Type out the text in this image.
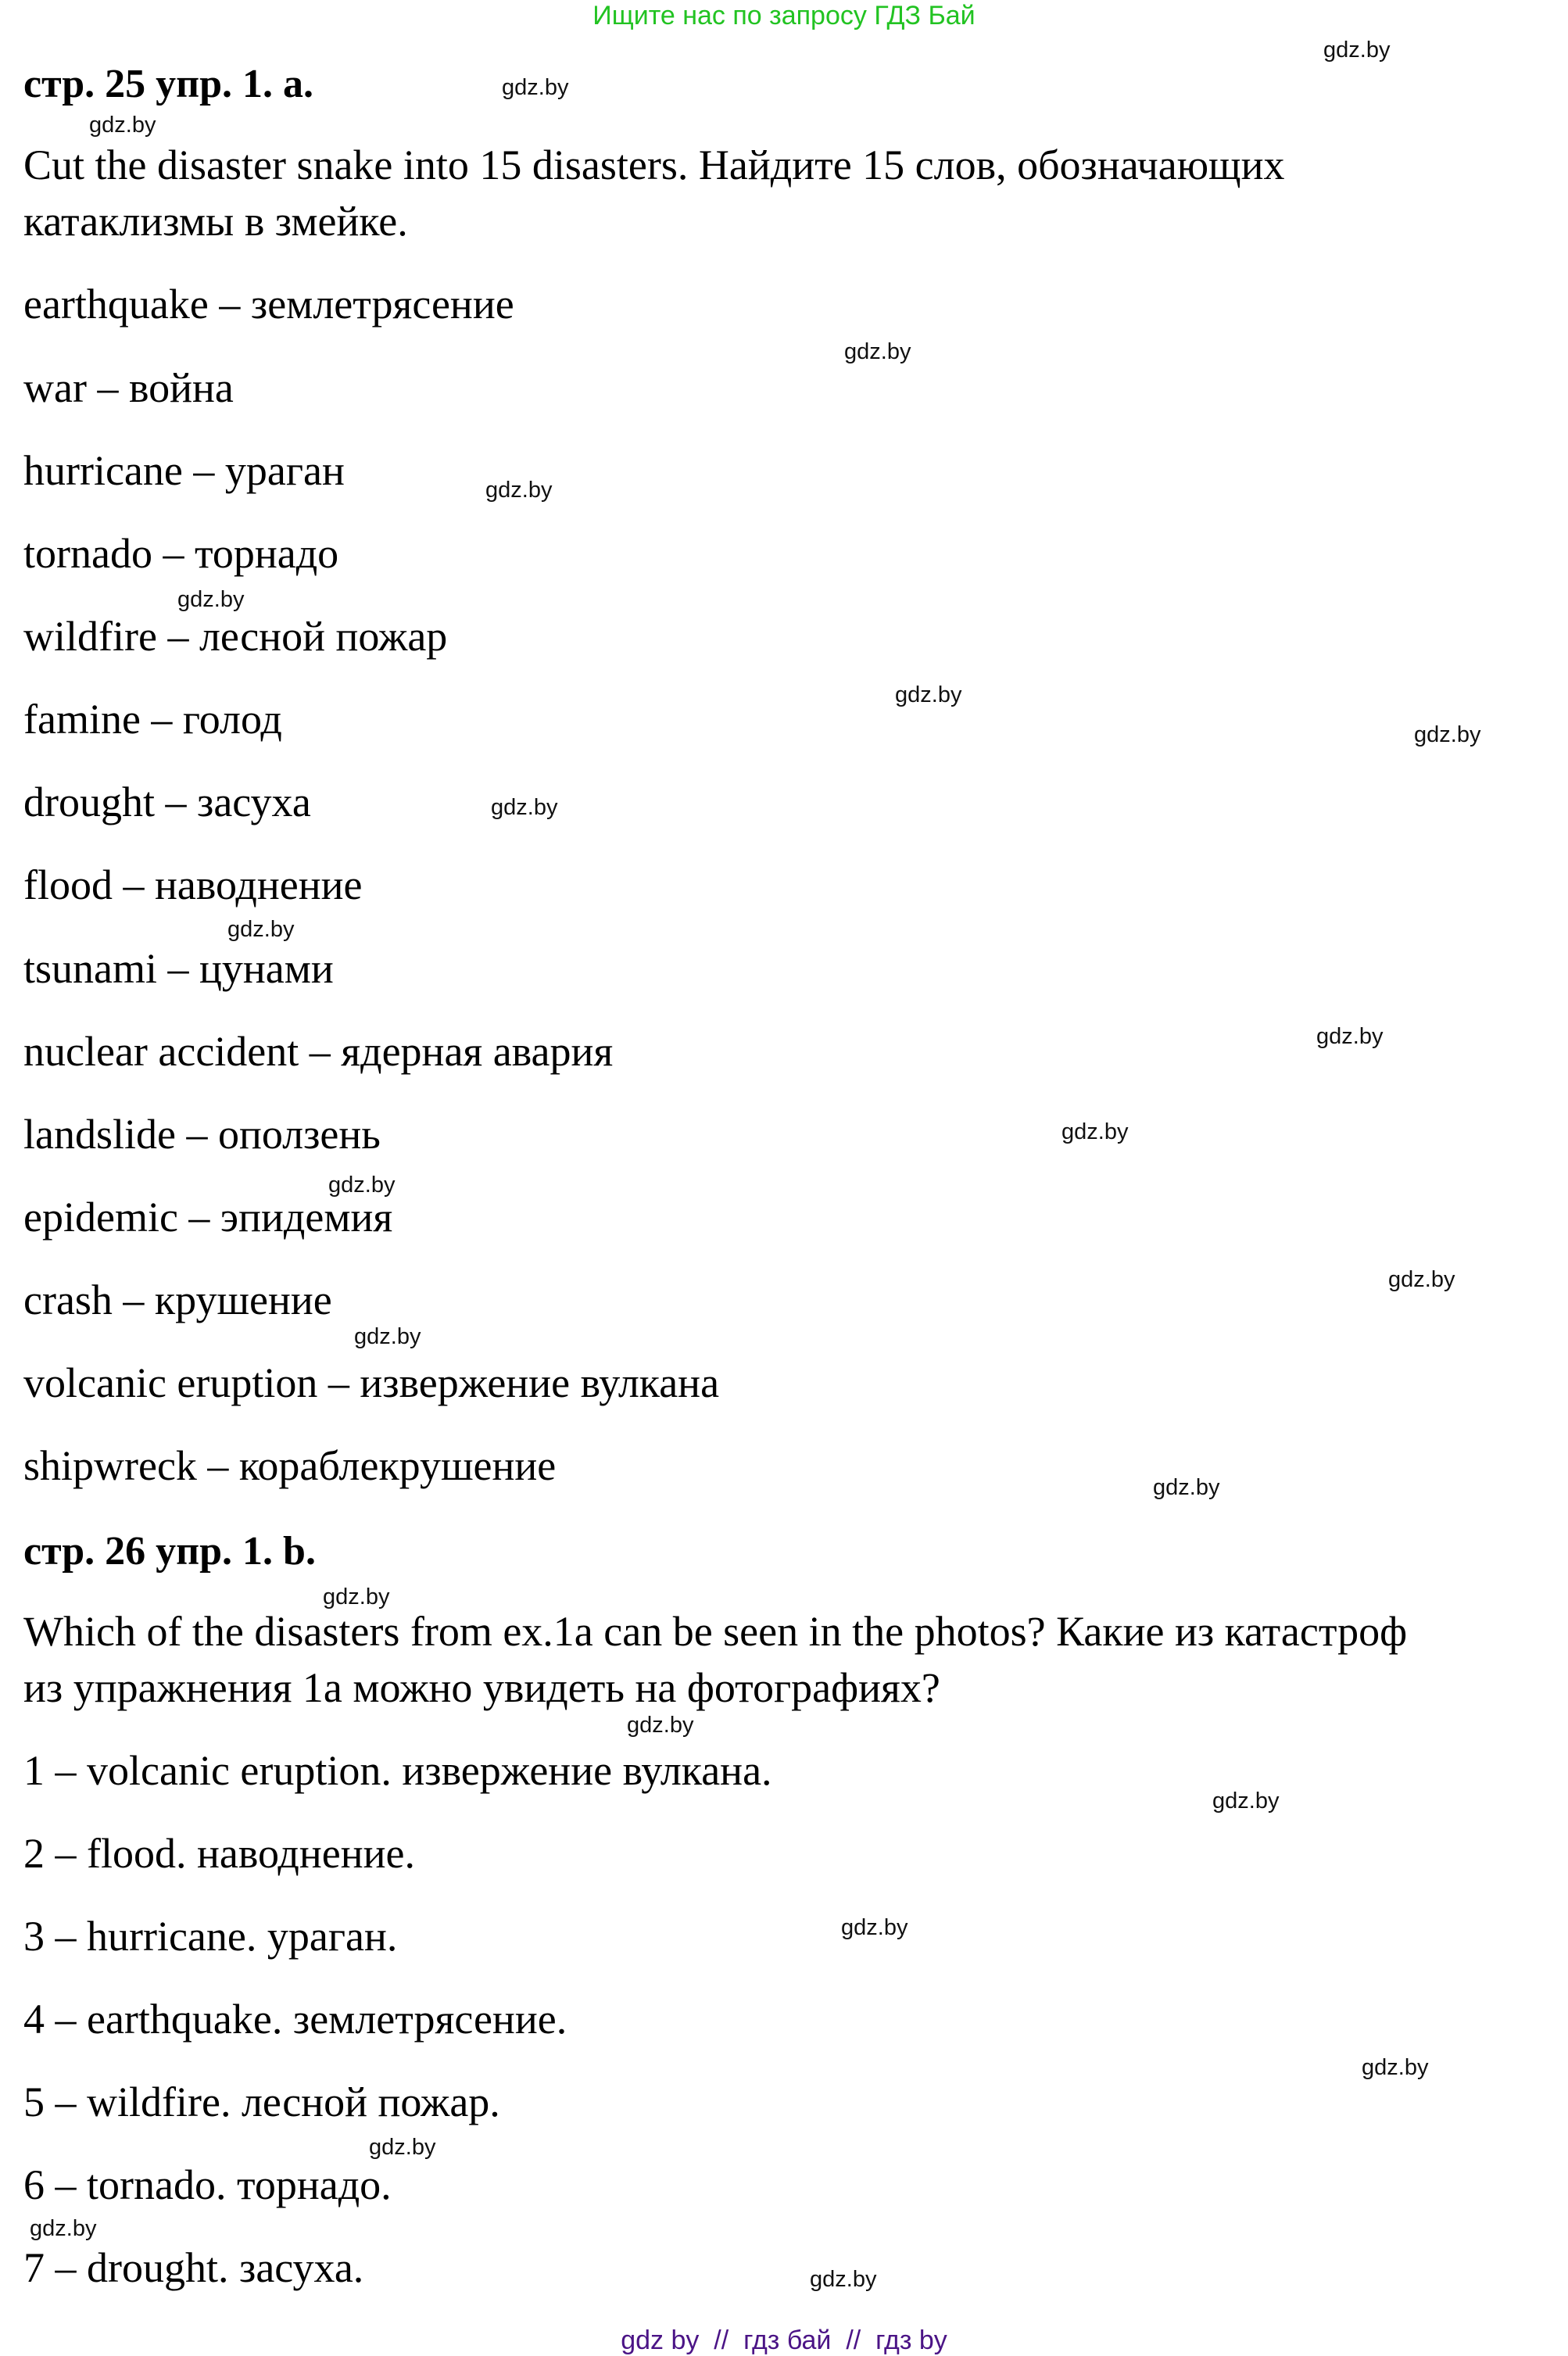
Ищите нас по запросу ГДЗ Бай
стр. 25 упр. 1. a.
Cut the disaster snake into 15 disasters. Найдите 15 слов, обозначающих
катаклизмы в змейке.
earthquake – землетрясение
war – война
hurricane – ураган
tornado – торнадо
wildfire – лесной пожар
famine – голод
drought – засуха
flood – наводнение
tsunami – цунами
nuclear accident – ядерная авария
landslide – оползень
epidemic – эпидемия
crash – крушение
volcanic eruption – извержение вулкана
shipwreck – кораблекрушение
стр. 26 упр. 1. b.
Which of the disasters from ex.1a can be seen in the photos? Какие из катастроф
из упражнения 1a можно увидеть на фотографиях?
1 – volcanic eruption. извержение вулкана.
2 – flood. наводнение.
3 – hurricane. ураган.
4 – earthquake. землетрясение.
5 – wildfire. лесной пожар.
6 – tornado. торнадо.
7 – drought. засуха.
gdz.by
gdz.by
gdz.by
gdz.by
gdz.by
gdz.by
gdz.by
gdz.by
gdz.by
gdz.by
gdz.by
gdz.by
gdz.by
gdz.by
gdz.by
gdz.by
gdz.by
gdz.by
gdz.by
gdz.by
gdz.by
gdz.by
gdz.by
gdz.by
gdz by  //  гдз бай  //  гдз by
